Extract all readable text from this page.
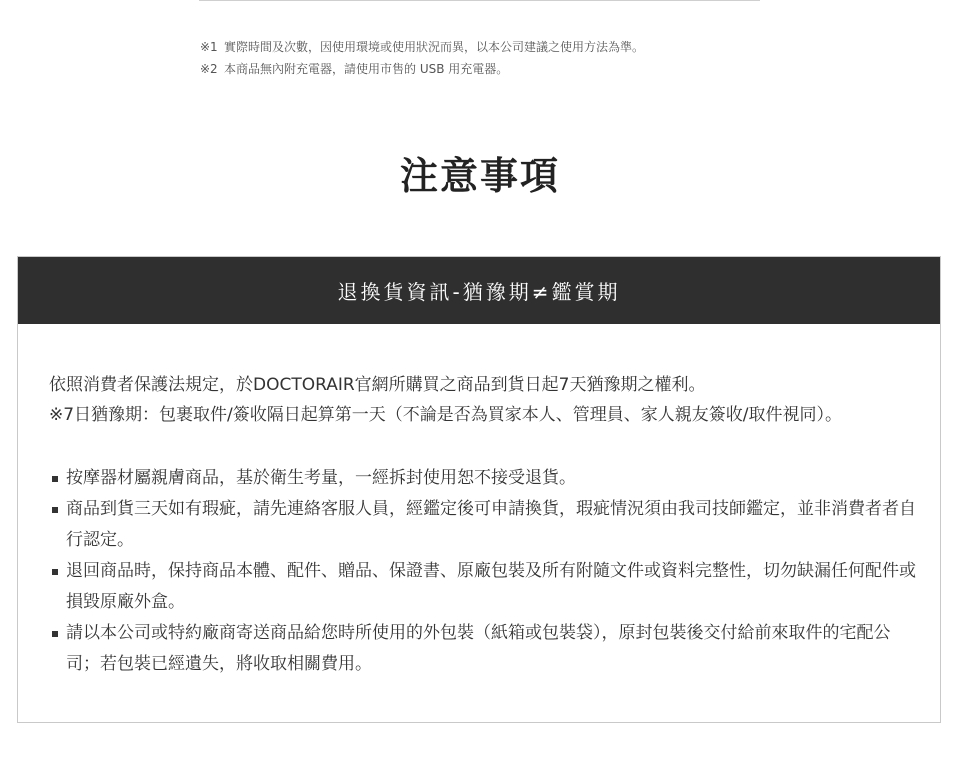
※1 實際時間及次數，因使用環境或使用狀況而異，以本公司建議之使用方法為準。
※2 本商品無內附充電器，請使用市售的 USB 用充電器。
注意事項
退換貨資訊-猶豫期≠鑑賞期

依照消費者保護法規定，於DOCTORAIR官網所購買之商品到貨日起7天猶豫期之權利。

※7日猶豫期：包裹取件/簽收隔日起算第一天（不論是否為買家本人、管理員、家人親友簽收/取件視同）。

按摩器材屬親膚商品，基於衛生考量，一經拆封使用恕不接受退貨。
商品到貨三天如有瑕疵，請先連絡客服人員，經鑑定後可申請換貨，瑕疵情況須由我司技師鑑定，並非消費者者自行認定。
退回商品時，保持商品本體、配件、贈品、保證書、原廠包裝及所有附隨文件或資料完整性，切勿缺漏任何配件或損毀原廠外盒。
請以本公司或特約廠商寄送商品給您時所使用的外包裝（紙箱或包裝袋），原封包裝後交付給前來取件的宅配公司；若包裝已經遺失，將收取相關費用。
